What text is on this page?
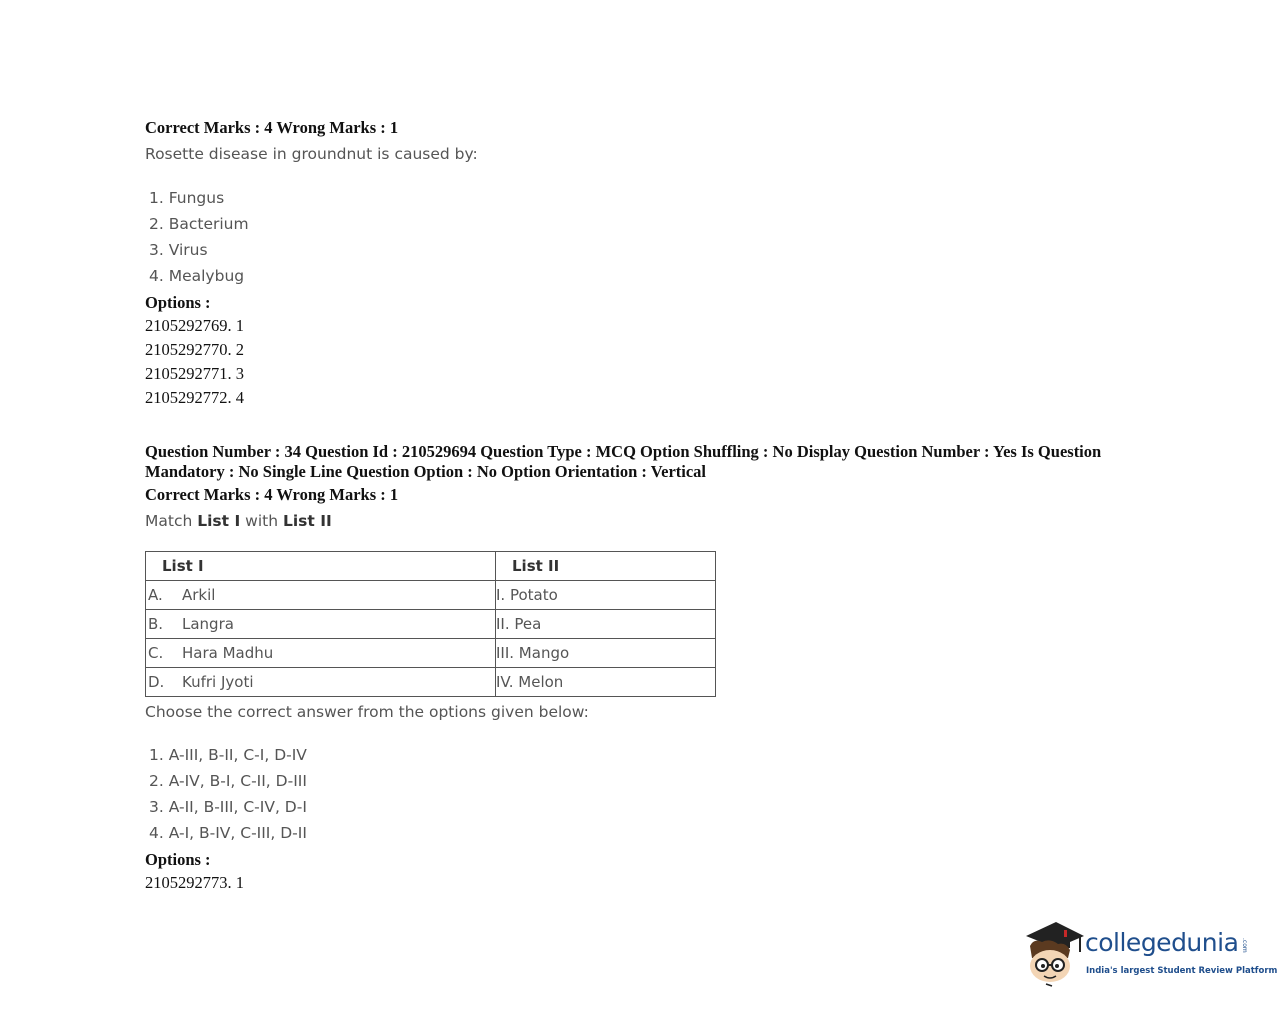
Correct Marks : 4 Wrong Marks : 1
Rosette disease in groundnut is caused by:
1. Fungus
2. Bacterium
3. Virus
4. Mealybug
Options :
2105292769. 1
2105292770. 2
2105292771. 3
2105292772. 4
Question Number : 34 Question Id : 210529694 Question Type : MCQ Option Shuffling : No Display Question Number : Yes Is Question
Mandatory : No Single Line Question Option : No Option Orientation : Vertical
Correct Marks : 4 Wrong Marks : 1
Match List I with List II
List I	List II
A. Arkil	I. Potato
B. Langra	II. Pea
C. Hara Madhu	III. Mango
D. Kufri Jyoti	IV. Melon
Choose the correct answer from the options given below:
1. A-III, B-II, C-I, D-IV
2. A-IV, B-I, C-II, D-III
3. A-II, B-III, C-IV, D-I
4. A-I, B-IV, C-III, D-II
Options :
2105292773. 1
collegedunia .com
India's largest Student Review Platform
